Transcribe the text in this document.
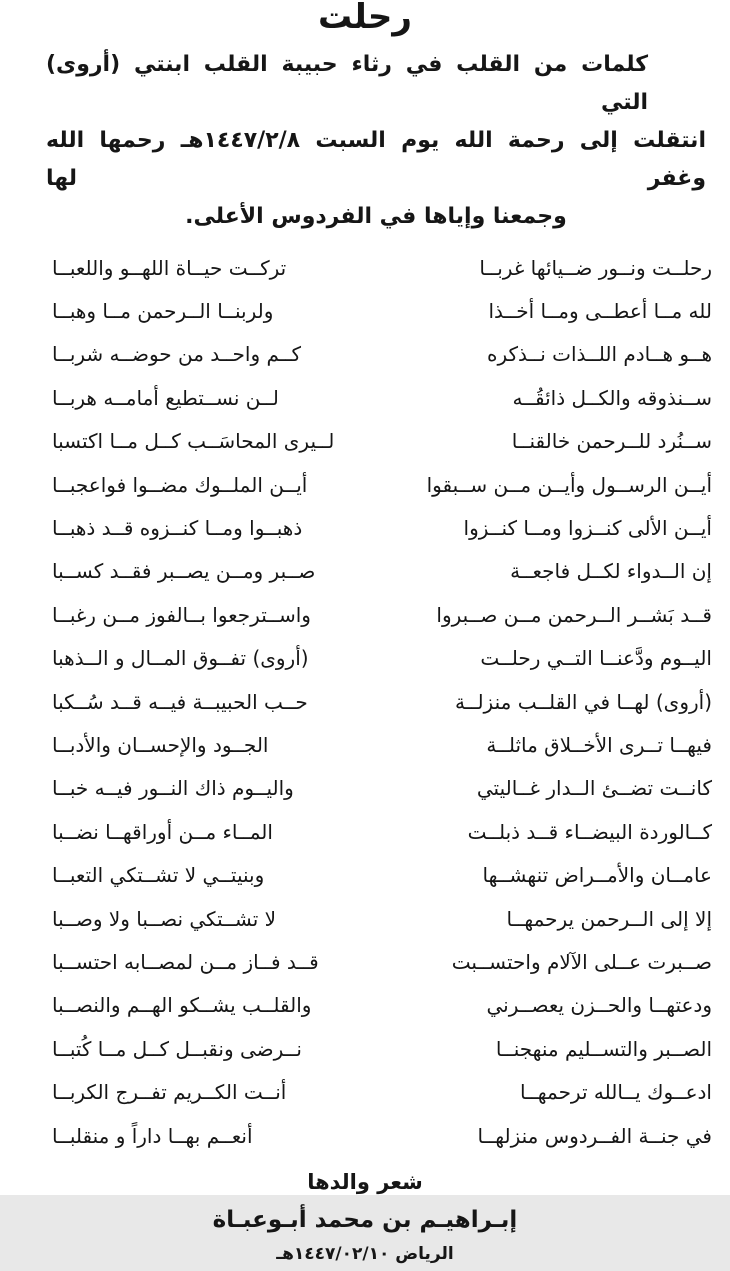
رحلت
كلمات من القلب في رثاء حبيبة القلب ابنتي (أروى) التي
انتقلت إلى رحمة الله يوم السبت ١٤٤٧/٢/٨هـ رحمها الله وغفر لها
وجمعنا وإياها في الفردوس الأعلى.
رحلــت ونــور ضــيائها غربــا
تركــت حيــاة اللهــو واللعبــا
لله مــا أعطــى ومــا أخــذا
ولربنــا الــرحمن مــا وهبــا
هــو هــادم اللــذات نــذكره
كــم واحــد من حوضــه شربــا
ســنذوقه والكــل ذائقُــه
لــن نســتطيع أمامــه هربــا
ســنُرد للــرحمن خالقنــا
لــيرى المحاسَــب كــل مــا اكتسبا
أيــن الرســول وأيــن مــن ســبقوا
أيــن الملــوك مضــوا فواعجبــا
أيــن الألى كنــزوا ومــا كنــزوا
ذهبــوا ومــا كنــزوه قــد ذهبــا
إن الــدواء لكــل فاجعــة
صــبر ومــن يصــبر فقــد كســبا
قــد بَشــر الــرحمن مــن صــبروا
واســترجعوا بــالفوز مــن رغبــا
اليــوم ودَّعنــا التــي رحلــت
(أروى) تفــوق المــال و الــذهبا
(أروى) لهــا في القلــب منزلــة
حــب الحبيبــة فيــه قــد سُــكبا
فيهــا تــرى الأخــلاق ماثلــة
الجــود والإحســان والأدبــا
كانــت تضــئ الــدار غــاليتي
واليــوم ذاك النــور فيــه خبــا
كــالوردة البيضــاء قــد ذبلــت
المــاء مــن أوراقهــا نضــبا
عامــان والأمــراض تنهشــها
وبنيتــي لا تشــتكي التعبــا
إلا إلى الــرحمن يرحمهــا
لا تشــتكي نصــبا ولا وصــبا
صــبرت عــلى الآلام واحتســبت
قــد فــاز مــن لمصــابه احتســبا
ودعتهــا والحــزن يعصــرني
والقلــب يشــكو الهــم والنصــبا
الصــبر والتســليم منهجنــا
نــرضى ونقبــل كــل مــا كُتبــا
ادعــوك يــالله ترحمهــا
أنــت الكــريم تفــرج الكربــا
في جنــة الفــردوس منزلهــا
أنعــم بهــا داراً و منقلبــا
شعر والدها
إبـراهيـم بن محمد أبـوعبـاة
الرياض ١٤٤٧/٠٢/١٠هـ
